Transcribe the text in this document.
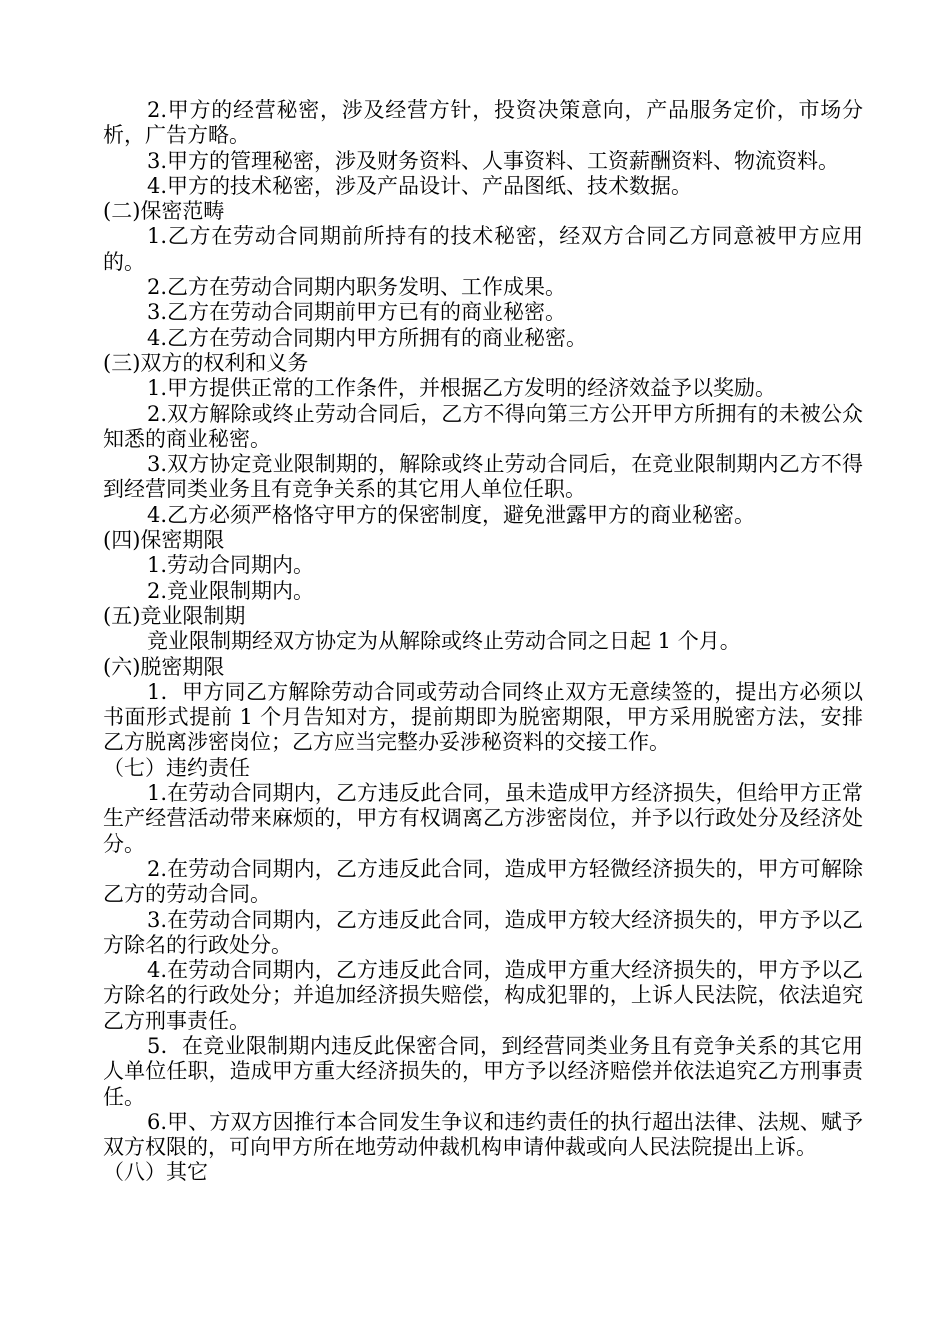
2.甲方的经营秘密，涉及经营方针，投资决策意向，产品服务定价，市场分析，广告方略。

3.甲方的管理秘密，涉及财务资料、人事资料、工资薪酬资料、物流资料。

4.甲方的技术秘密，涉及产品设计、产品图纸、技术数据。

(二)保密范畴

1.乙方在劳动合同期前所持有的技术秘密，经双方合同乙方同意被甲方应用的。

2.乙方在劳动合同期内职务发明、工作成果。

3.乙方在劳动合同期前甲方已有的商业秘密。

4.乙方在劳动合同期内甲方所拥有的商业秘密。

(三)双方的权利和义务

1.甲方提供正常的工作条件，并根据乙方发明的经济效益予以奖励。

2.双方解除或终止劳动合同后，乙方不得向第三方公开甲方所拥有的未被公众知悉的商业秘密。

3.双方协定竞业限制期的，解除或终止劳动合同后，在竞业限制期内乙方不得到经营同类业务且有竞争关系的其它用人单位任职。

4.乙方必须严格恪守甲方的保密制度，避免泄露甲方的商业秘密。

(四)保密期限

1.劳动合同期内。

2.竞业限制期内。

(五)竞业限制期

竞业限制期经双方协定为从解除或终止劳动合同之日起 1 个月。

(六)脱密期限

1．甲方同乙方解除劳动合同或劳动合同终止双方无意续签的，提出方必须以书面形式提前 1 个月告知对方，提前期即为脱密期限，甲方采用脱密方法，安排乙方脱离涉密岗位；乙方应当完整办妥涉秘资料的交接工作。

（七）违约责任

1.在劳动合同期内，乙方违反此合同，虽未造成甲方经济损失，但给甲方正常生产经营活动带来麻烦的，甲方有权调离乙方涉密岗位，并予以行政处分及经济处分。

2.在劳动合同期内，乙方违反此合同，造成甲方轻微经济损失的，甲方可解除乙方的劳动合同。

3.在劳动合同期内，乙方违反此合同，造成甲方较大经济损失的，甲方予以乙方除名的行政处分。

4.在劳动合同期内，乙方违反此合同，造成甲方重大经济损失的，甲方予以乙方除名的行政处分；并追加经济损失赔偿，构成犯罪的，上诉人民法院，依法追究乙方刑事责任。

5．在竞业限制期内违反此保密合同，到经营同类业务且有竞争关系的其它用人单位任职，造成甲方重大经济损失的，甲方予以经济赔偿并依法追究乙方刑事责任。

6.甲、方双方因推行本合同发生争议和违约责任的执行超出法律、法规、赋予双方权限的，可向甲方所在地劳动仲裁机构申请仲裁或向人民法院提出上诉。

（八）其它
